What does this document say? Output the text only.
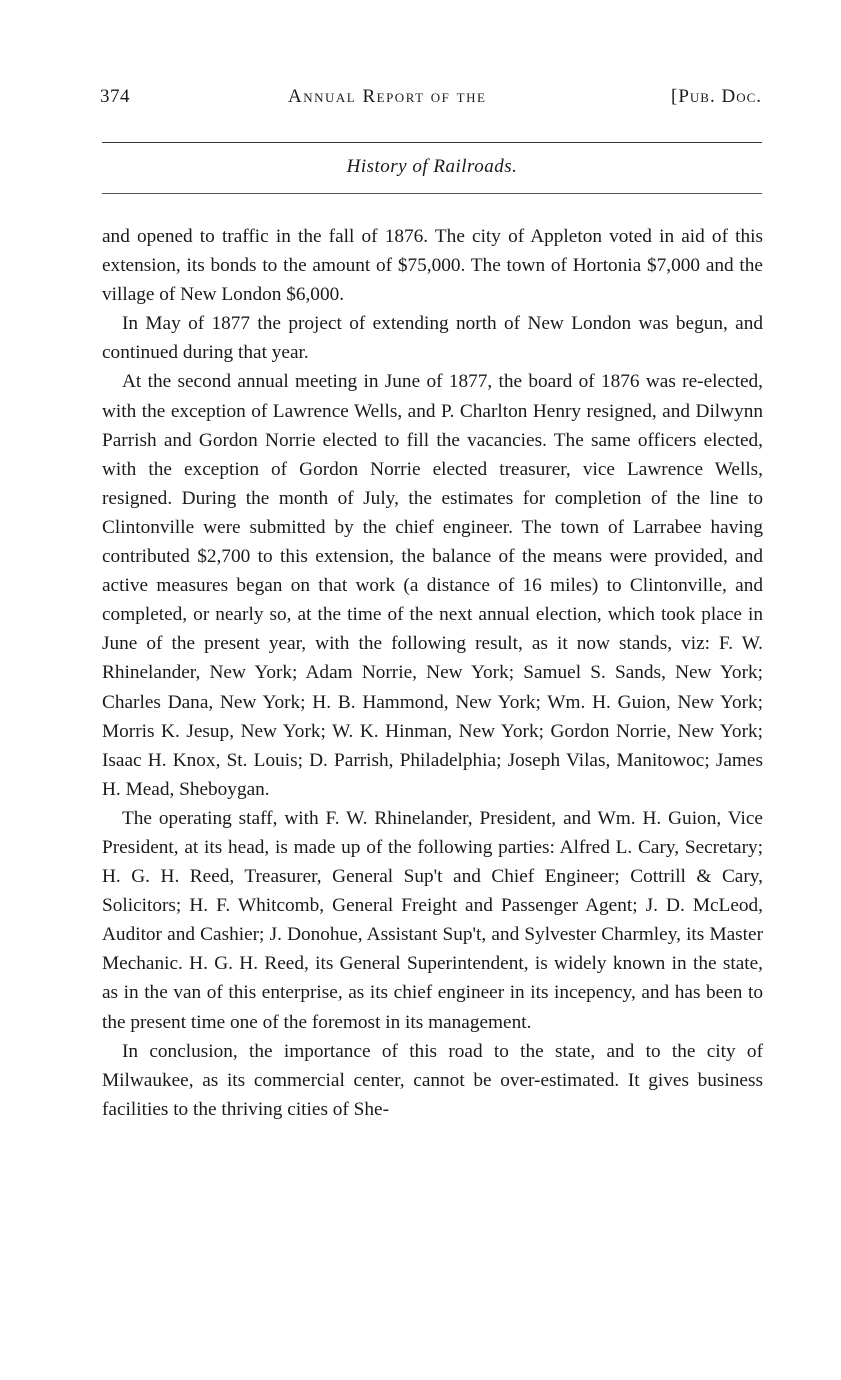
374	Annual Report of the	[Pub. Doc.
History of Railroads.

and opened to traffic in the fall of 1876. The city of Appleton voted in aid of this extension, its bonds to the amount of $75,000. The town of Hortonia $7,000 and the village of New London $6,000.

In May of 1877 the project of extending north of New London was begun, and continued during that year.

At the second annual meeting in June of 1877, the board of 1876 was re-elected, with the exception of Lawrence Wells, and P. Charlton Henry resigned, and Dilwynn Parrish and Gordon Norrie elected to fill the vacancies. The same officers elected, with the exception of Gordon Norrie elected treasurer, vice Lawrence Wells, resigned. During the month of July, the estimates for completion of the line to Clintonville were submitted by the chief engineer. The town of Larrabee having contributed $2,700 to this extension, the balance of the means were provided, and active measures began on that work (a distance of 16 miles) to Clintonville, and completed, or nearly so, at the time of the next annual election, which took place in June of the present year, with the following result, as it now stands, viz: F. W. Rhinelander, New York; Adam Norrie, New York; Samuel S. Sands, New York; Charles Dana, New York; H. B. Hammond, New York; Wm. H. Guion, New York; Morris K. Jesup, New York; W. K. Hinman, New York; Gordon Norrie, New York; Isaac H. Knox, St. Louis; D. Parrish, Philadelphia; Joseph Vilas, Manitowoc; James H. Mead, Sheboygan.

The operating staff, with F. W. Rhinelander, President, and Wm. H. Guion, Vice President, at its head, is made up of the following parties: Alfred L. Cary, Secretary; H. G. H. Reed, Treasurer, General Sup't and Chief Engineer; Cottrill & Cary, Solicitors; H. F. Whitcomb, General Freight and Passenger Agent; J. D. McLeod, Auditor and Cashier; J. Donohue, Assistant Sup't, and Sylvester Charmley, its Master Mechanic. H. G. H. Reed, its General Superintendent, is widely known in the state, as in the van of this enterprise, as its chief engineer in its incepency, and has been to the present time one of the foremost in its management.

In conclusion, the importance of this road to the state, and to the city of Milwaukee, as its commercial center, cannot be over-estimated. It gives business facilities to the thriving cities of She-
